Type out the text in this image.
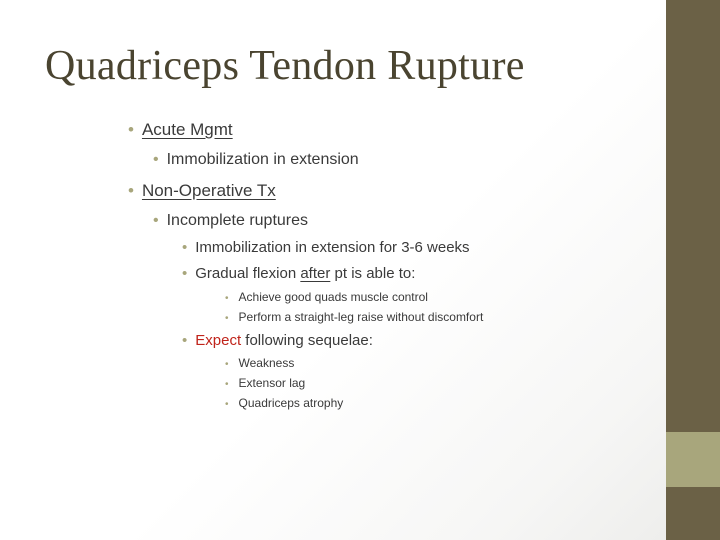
Quadriceps Tendon Rupture
• Acute Mgmt
• Immobilization in extension
• Non-Operative Tx
• Incomplete ruptures
• Immobilization in extension for 3-6 weeks
• Gradual flexion after pt is able to:
• Achieve good quads muscle control
• Perform a straight-leg raise without discomfort
• Expect following sequelae:
• Weakness
• Extensor lag
• Quadriceps atrophy
